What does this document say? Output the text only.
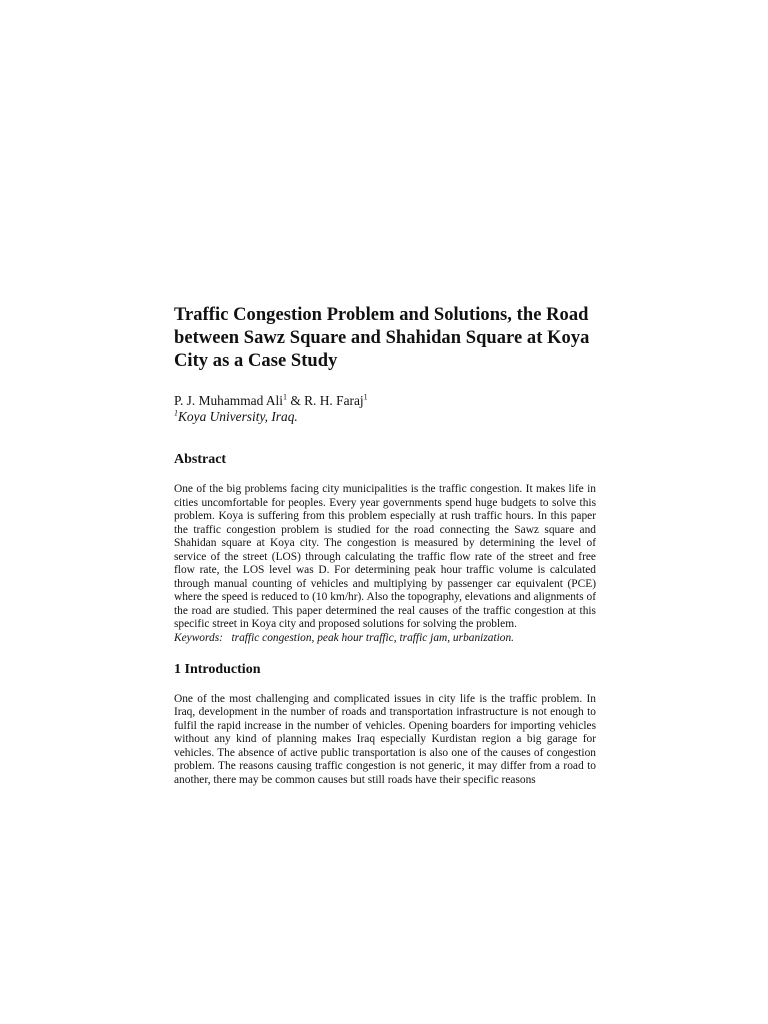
Traffic Congestion Problem and Solutions, the Road between Sawz Square and Shahidan Square at Koya City as a Case Study
P. J. Muhammad Ali$^1$ & R. H. Faraj$^1$
$^1$Koya University, Iraq.
Abstract

One of the big problems facing city municipalities is the traffic congestion. It makes life in cities uncomfortable for peoples. Every year governments spend huge budgets to solve this problem. Koya is suffering from this problem especially at rush traffic hours. In this paper the traffic congestion problem is studied for the road connecting the Sawz square and Shahidan square at Koya city. The congestion is measured by determining the level of service of the street (LOS) through calculating the traffic flow rate of the street and free flow rate, the LOS level was D. For determining peak hour traffic volume is calculated through manual counting of vehicles and multiplying by passenger car equivalent (PCE) where the speed is reduced to (10 km/hr). Also the topography, elevations and alignments of the road are studied. This paper determined the real causes of the traffic congestion at this specific street in Koya city and proposed solutions for solving the problem.

Keywords:   traffic congestion, peak hour traffic, traffic jam, urbanization.

1 Introduction

One of the most challenging and complicated issues in city life is the traffic problem. In Iraq, development in the number of roads and transportation infrastructure is not enough to fulfil the rapid increase in the number of vehicles. Opening boarders for importing vehicles without any kind of planning makes Iraq especially Kurdistan region a big garage for vehicles. The absence of active public transportation is also one of the causes of congestion problem. The reasons causing traffic congestion is not generic, it may differ from a road to another, there may be common causes but still roads have their specific reasons
